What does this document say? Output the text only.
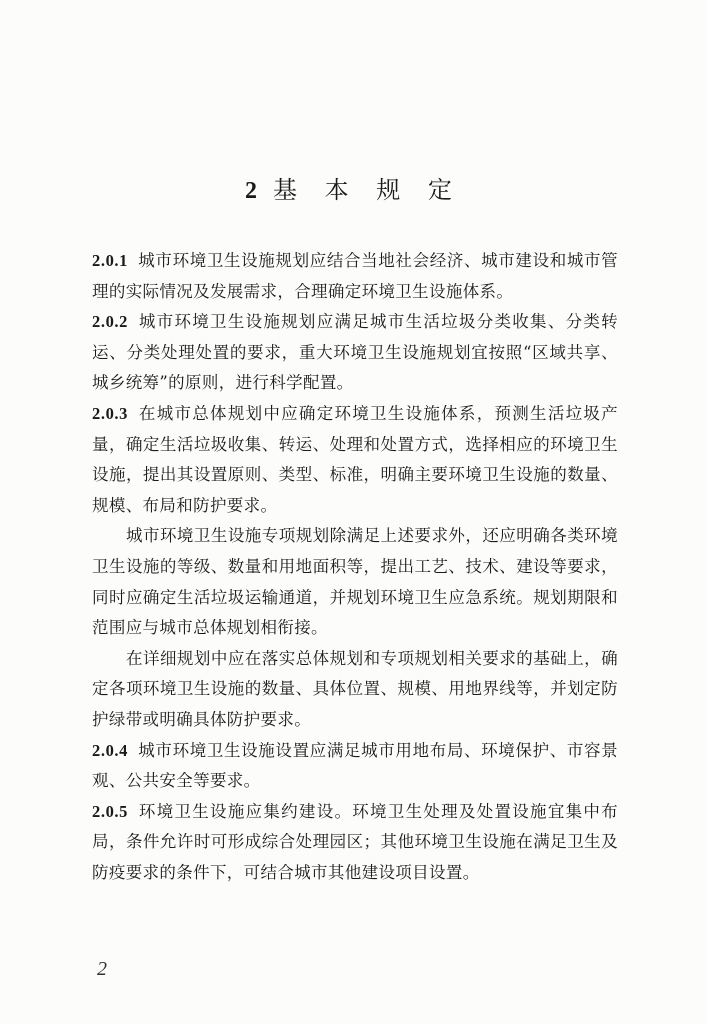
2 基 本 规 定

2.0.1 城市环境卫生设施规划应结合当地社会经济、城市建设和城市管理的实际情况及发展需求，合理确定环境卫生设施体系。

2.0.2 城市环境卫生设施规划应满足城市生活垃圾分类收集、分类转运、分类处理处置的要求，重大环境卫生设施规划宜按照“区域共享、城乡统筹”的原则，进行科学配置。

2.0.3 在城市总体规划中应确定环境卫生设施体系，预测生活垃圾产量，确定生活垃圾收集、转运、处理和处置方式，选择相应的环境卫生设施，提出其设置原则、类型、标准，明确主要环境卫生设施的数量、规模、布局和防护要求。

城市环境卫生设施专项规划除满足上述要求外，还应明确各类环境卫生设施的等级、数量和用地面积等，提出工艺、技术、建设等要求，同时应确定生活垃圾运输通道，并规划环境卫生应急系统。规划期限和范围应与城市总体规划相衔接。

在详细规划中应在落实总体规划和专项规划相关要求的基础上，确定各项环境卫生设施的数量、具体位置、规模、用地界线等，并划定防护绿带或明确具体防护要求。

2.0.4 城市环境卫生设施设置应满足城市用地布局、环境保护、市容景观、公共安全等要求。

2.0.5 环境卫生设施应集约建设。环境卫生处理及处置设施宜集中布局，条件允许时可形成综合处理园区；其他环境卫生设施在满足卫生及防疫要求的条件下，可结合城市其他建设项目设置。

2
